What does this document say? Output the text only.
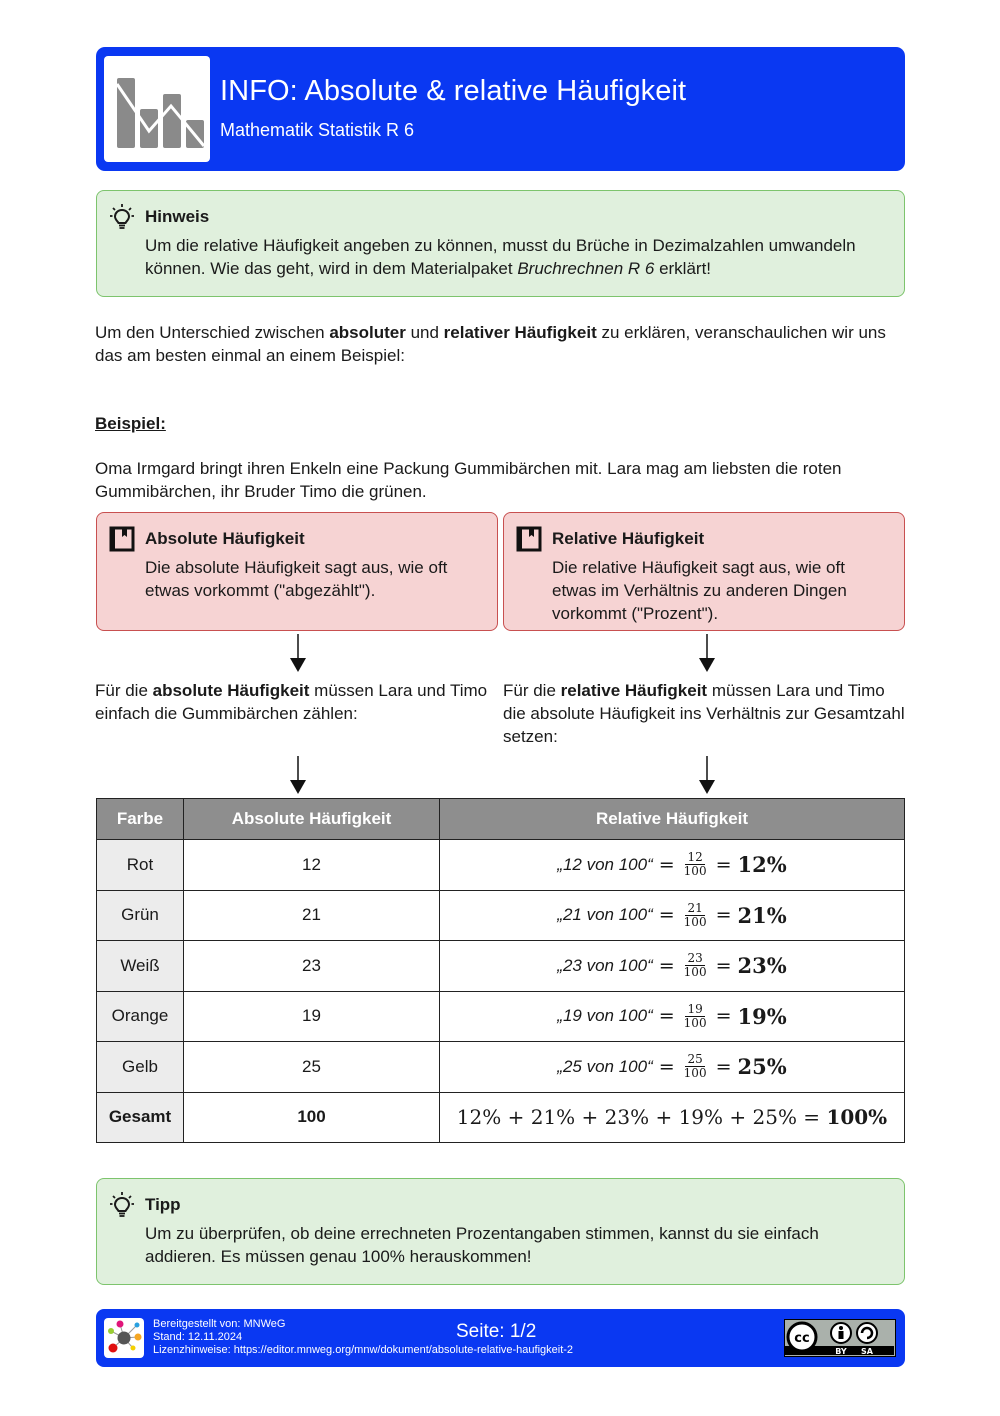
INFO: Absolute & relative Häufigkeit
Mathematik Statistik R 6
Hinweis
Um die relative Häufigkeit angeben zu können, musst du Brüche in Dezimalzahlen umwandeln können. Wie das geht, wird in dem Materialpaket Bruchrechnen R 6 erklärt!
Um den Unterschied zwischen absoluter und relativer Häufigkeit zu erklären, veranschaulichen wir uns das am besten einmal an einem Beispiel:
Beispiel:
Oma Irmgard bringt ihren Enkeln eine Packung Gummibärchen mit. Lara mag am liebsten die roten Gummibärchen, ihr Bruder Timo die grünen.
Absolute Häufigkeit
Die absolute Häufigkeit sagt aus, wie oft etwas vorkommt ("abgezählt").
Relative Häufigkeit
Die relative Häufigkeit sagt aus, wie oft etwas im Verhältnis zu anderen Dingen vorkommt ("Prozent").
Für die absolute Häufigkeit müssen Lara und Timo einfach die Gummibärchen zählen:
Für die relative Häufigkeit müssen Lara und Timo die absolute Häufigkeit ins Verhältnis zur Gesamtzahl setzen:
Farbe	Absolute Häufigkeit	Relative Häufigkeit
Rot	12	„12 von 100“ = $\frac{12}{100} = 12\%$

Grün	21	„21 von 100“ = $\frac{21}{100} = 21\%$

Weiß	23	„23 von 100“ = $\frac{23}{100} = 23\%$

Orange	19	„19 von 100“ = $\frac{19}{100} = 19\%$

Gelb	25	„25 von 100“ = $\frac{25}{100} = 25\%$

Gesamt	100	12% + 21% + 23% + 19% + 25% = 100%
Tipp
Um zu überprüfen, ob deine errechneten Prozentangaben stimmen, kannst du sie einfach addieren. Es müssen genau 100% herauskommen!
Bereitgestellt von: MNWeG
Stand: 12.11.2024
Lizenzhinweise: https://editor.mnweg.org/mnw/dokument/absolute-relative-haufigkeit-2
Seite: 1/2	cc
BY SA
